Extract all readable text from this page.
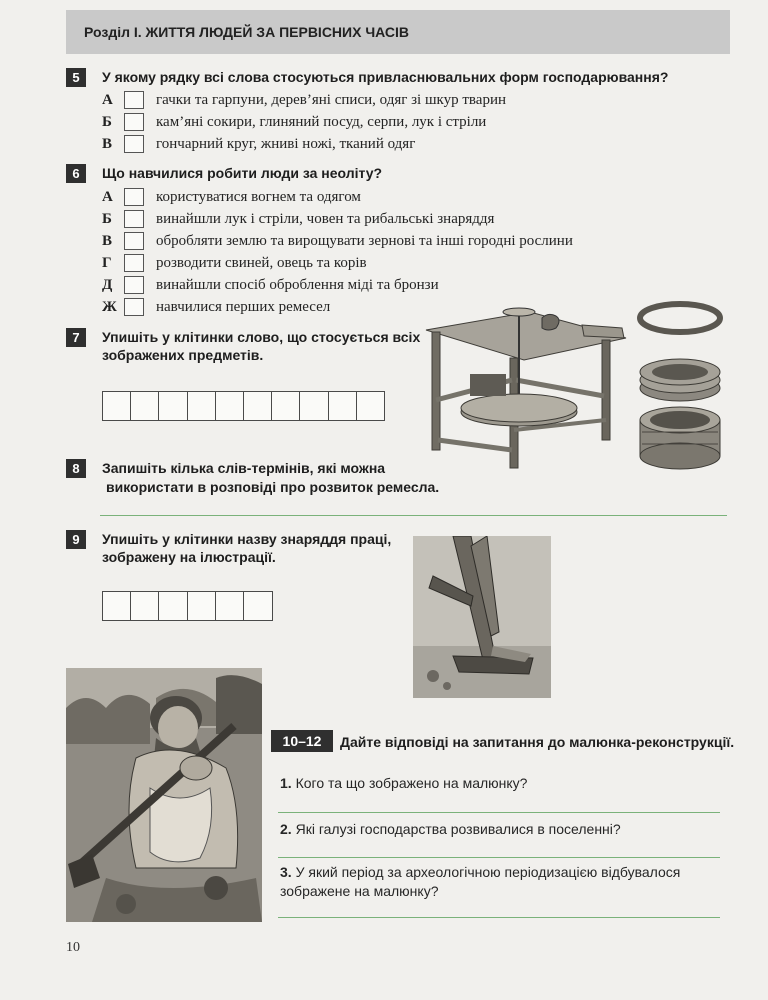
Розділ І. ЖИТТЯ ЛЮДЕЙ ЗА ПЕРВІСНИХ ЧАСІВ
5	У якому рядку всі слова стосуються привласнювальних форм господарювання?
А	гачки та гарпуни, дерев’яні списи, одяг зі шкур тварин
Б	кам’яні сокири, глиняний посуд, серпи, лук і стріли
В	гончарний круг, жниві ножі, тканий одяг
6	Що навчилися робити люди за неоліту?
А	користуватися вогнем та одягом
Б	винайшли лук і стріли, човен та рибальські знаряддя
В	обробляти землю та вирощувати зернові та інші городні рослини
Г	розводити свиней, овець та корів
Д	винайшли спосіб оброблення міді та бронзи
Ж	навчилися перших ремесел
7	Упишіть у клітинки слово, що стосується всіх
зображених предметів.
8	Запишіть кілька слів-термінів, які можна
використати в розповіді про розвиток ремесла.
9	Упишіть у клітинки назву знаряддя праці,
зображену на ілюстрації.
10–12	Дайте відповіді на запитання до малюнка-реконструкції.
1. Кого та що зображено на малюнку?
2. Які галузі господарства розвивалися в поселенні?
3. У який період за археологічною періодизацією відбувалося
зображене на малюнку?
10
